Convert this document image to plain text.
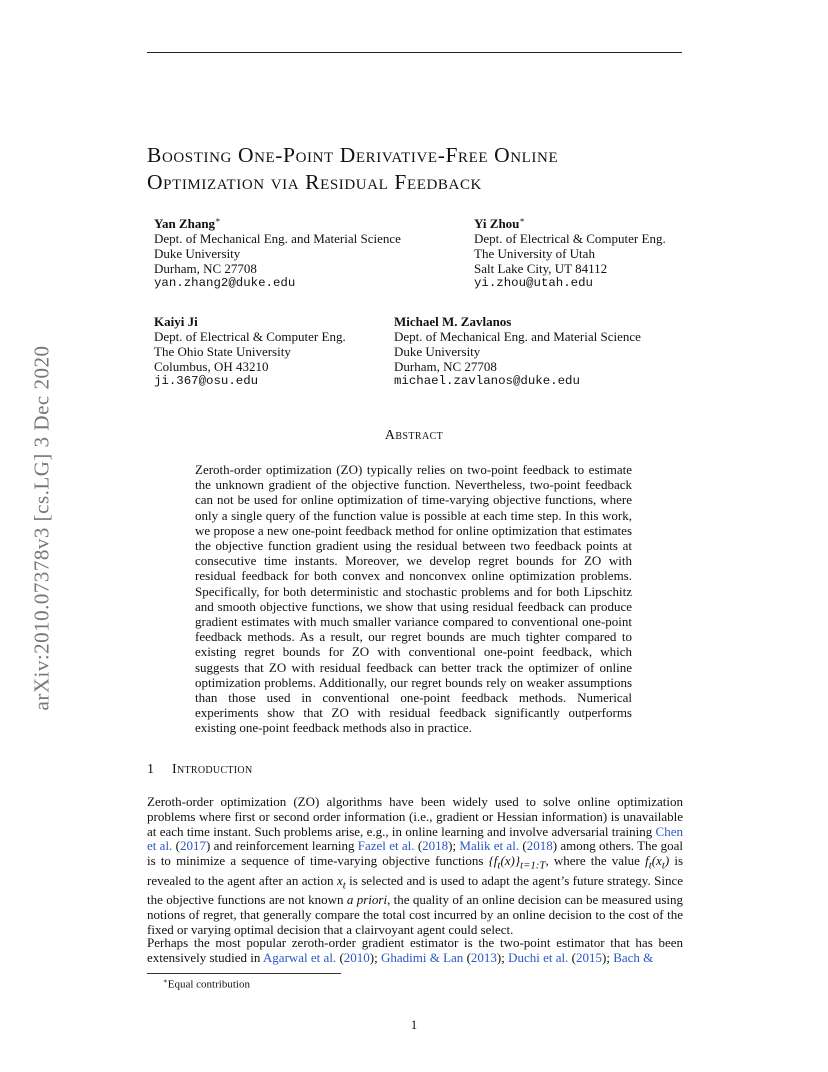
arXiv:2010.07378v3 [cs.LG] 3 Dec 2020
Boosting One-Point Derivative-Free Online
Optimization via Residual Feedback
Yan Zhang∗
Dept. of Mechanical Eng. and Material Science
Duke University
Durham, NC 27708
yan.zhang2@duke.edu
Yi Zhou∗
Dept. of Electrical & Computer Eng.
The University of Utah
Salt Lake City, UT 84112
yi.zhou@utah.edu
Kaiyi Ji
Dept. of Electrical & Computer Eng.
The Ohio State University
Columbus, OH 43210
ji.367@osu.edu
Michael M. Zavlanos
Dept. of Mechanical Eng. and Material Science
Duke University
Durham, NC 27708
michael.zavlanos@duke.edu
Abstract
Zeroth-order optimization (ZO) typically relies on two-point feedback to estimate the unknown gradient of the objective function. Nevertheless, two-point feedback can not be used for online optimization of time-varying objective functions, where only a single query of the function value is possible at each time step. In this work, we propose a new one-point feedback method for online optimization that estimates the objective function gradient using the residual between two feedback points at consecutive time instants. Moreover, we develop regret bounds for ZO with residual feedback for both convex and nonconvex online optimization problems. Specifically, for both deterministic and stochastic problems and for both Lipschitz and smooth objective functions, we show that using residual feedback can produce gradient estimates with much smaller variance compared to conventional one-point feedback methods. As a result, our regret bounds are much tighter compared to existing regret bounds for ZO with conventional one-point feedback, which suggests that ZO with residual feedback can better track the optimizer of online optimization problems. Additionally, our regret bounds rely on weaker assumptions than those used in conventional one-point feedback methods. Numerical experiments show that ZO with residual feedback significantly outperforms existing one-point feedback methods also in practice.
1 Introduction
Zeroth-order optimization (ZO) algorithms have been widely used to solve online optimization problems where first or second order information (i.e., gradient or Hessian information) is unavailable at each time instant. Such problems arise, e.g., in online learning and involve adversarial training Chen et al. (2017) and reinforcement learning Fazel et al. (2018); Malik et al. (2018) among others. The goal is to minimize a sequence of time-varying objective functions $\{f_t(x)\}_{t=1:T}$, where the value $f_t(x_t)$ is revealed to the agent after an action $x_t$ is selected and is used to adapt the agent’s future strategy. Since the objective functions are not known a priori, the quality of an online decision can be measured using notions of regret, that generally compare the total cost incurred by an online decision to the cost of the fixed or varying optimal decision that a clairvoyant agent could select.
Perhaps the most popular zeroth-order gradient estimator is the two-point estimator that has been extensively studied in Agarwal et al. (2010); Ghadimi & Lan (2013); Duchi et al. (2015); Bach &
∗Equal contribution
1
